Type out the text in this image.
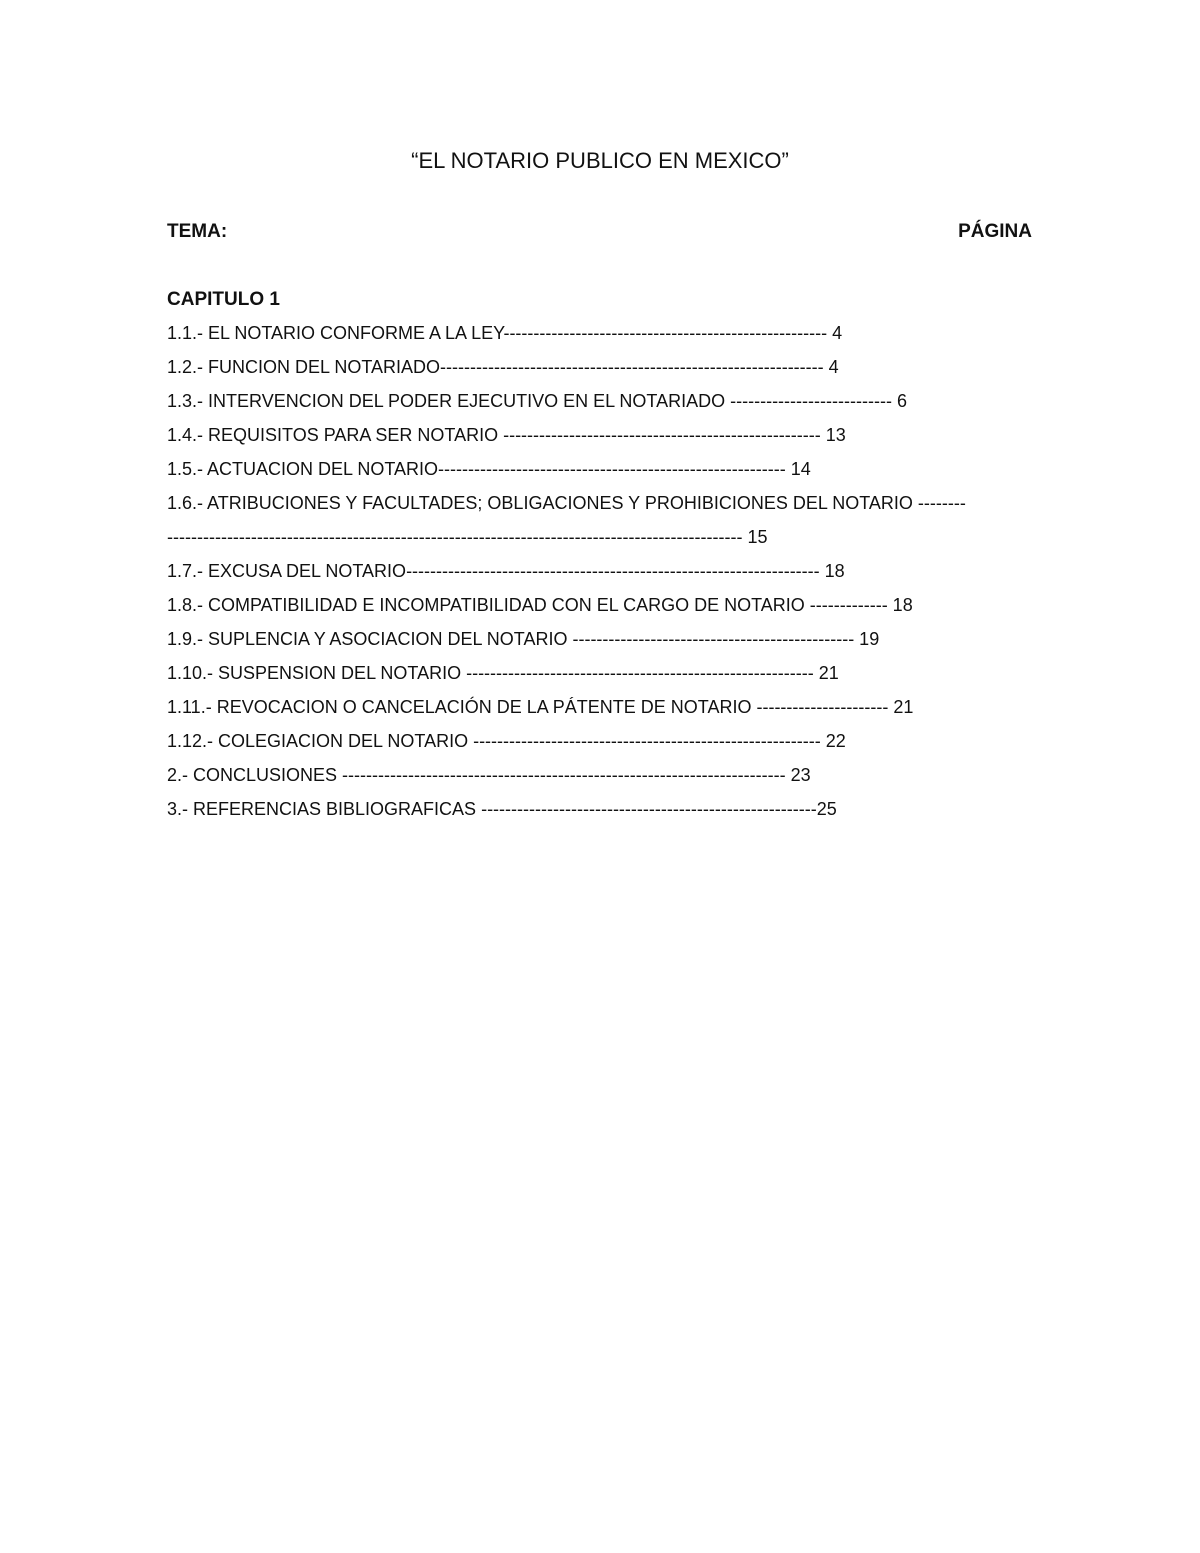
“EL NOTARIO PUBLICO EN MEXICO”
TEMA:	PÁGINA
CAPITULO 1
1.1.- EL NOTARIO CONFORME A LA LEY------------------------------------------------------ 4
1.2.- FUNCION DEL NOTARIADO---------------------------------------------------------------- 4
1.3.- INTERVENCION DEL PODER EJECUTIVO EN EL NOTARIADO --------------------------- 6
1.4.- REQUISITOS PARA SER NOTARIO ----------------------------------------------------- 13
1.5.- ACTUACION DEL NOTARIO---------------------------------------------------------- 14
1.6.- ATRIBUCIONES Y FACULTADES; OBLIGACIONES Y PROHIBICIONES DEL NOTARIO --------
------------------------------------------------------------------------------------------------ 15
1.7.- EXCUSA DEL NOTARIO--------------------------------------------------------------------- 18
1.8.- COMPATIBILIDAD E INCOMPATIBILIDAD CON EL CARGO DE NOTARIO ------------- 18
1.9.- SUPLENCIA Y ASOCIACION DEL NOTARIO ----------------------------------------------- 19
1.10.- SUSPENSION DEL NOTARIO ---------------------------------------------------------- 21
1.11.- REVOCACION O CANCELACIÓN DE LA PÁTENTE DE NOTARIO ---------------------- 21
1.12.- COLEGIACION DEL NOTARIO ---------------------------------------------------------- 22
2.- CONCLUSIONES -------------------------------------------------------------------------- 23
3.- REFERENCIAS BIBLIOGRAFICAS --------------------------------------------------------25
